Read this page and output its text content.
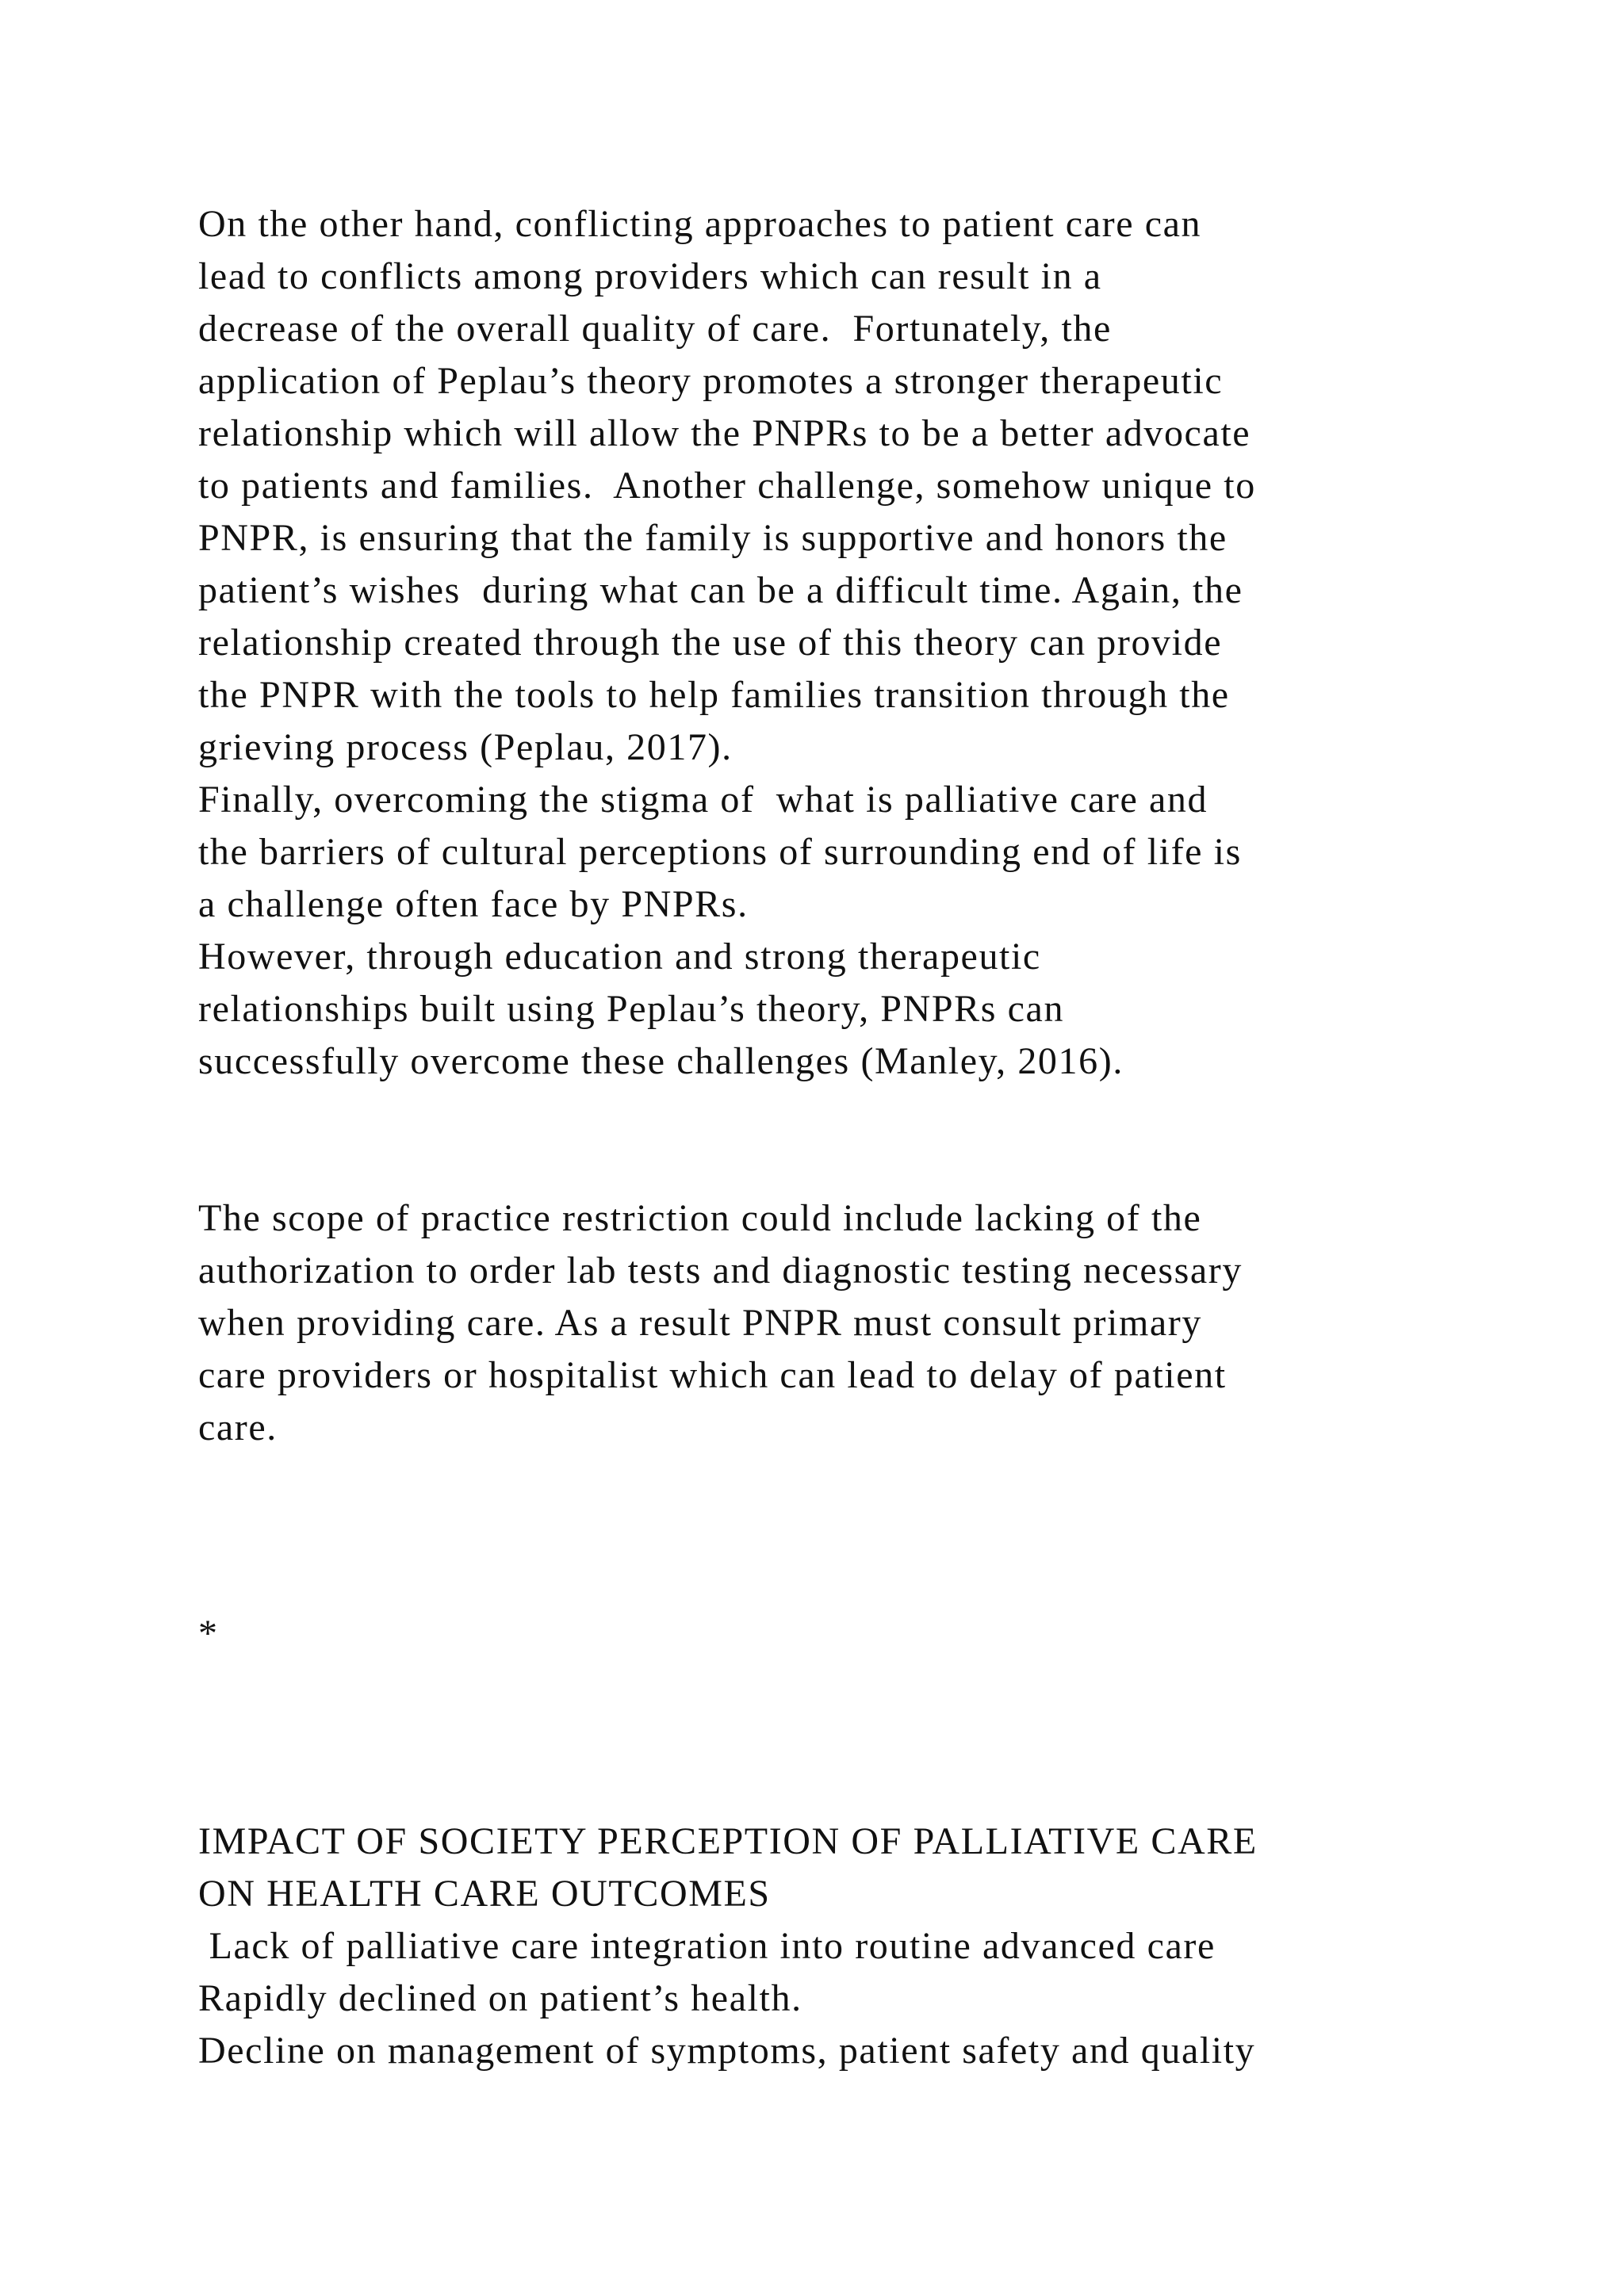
On the other hand, conflicting approaches to patient care can

lead to conflicts among providers which can result in a

decrease of the overall quality of care.  Fortunately, the

application of Peplau’s theory promotes a stronger therapeutic

relationship which will allow the PNPRs to be a better advocate

to patients and families.  Another challenge, somehow unique to

PNPR, is ensuring that the family is supportive and honors the

patient’s wishes  during what can be a difficult time. Again, the

relationship created through the use of this theory can provide

the PNPR with the tools to help families transition through the

grieving process (Peplau, 2017).

Finally, overcoming the stigma of  what is palliative care and

the barriers of cultural perceptions of surrounding end of life is

a challenge often face by PNPRs.

However, through education and strong therapeutic

relationships built using Peplau’s theory, PNPRs can

successfully overcome these challenges (Manley, 2016).

The scope of practice restriction could include lacking of the

authorization to order lab tests and diagnostic testing necessary

when providing care. As a result PNPR must consult primary

care providers or hospitalist which can lead to delay of patient

care.

*

IMPACT OF SOCIETY PERCEPTION OF PALLIATIVE CARE

ON HEALTH CARE OUTCOMES

Lack of palliative care integration into routine advanced care

Rapidly declined on patient’s health.

Decline on management of symptoms, patient safety and quality
